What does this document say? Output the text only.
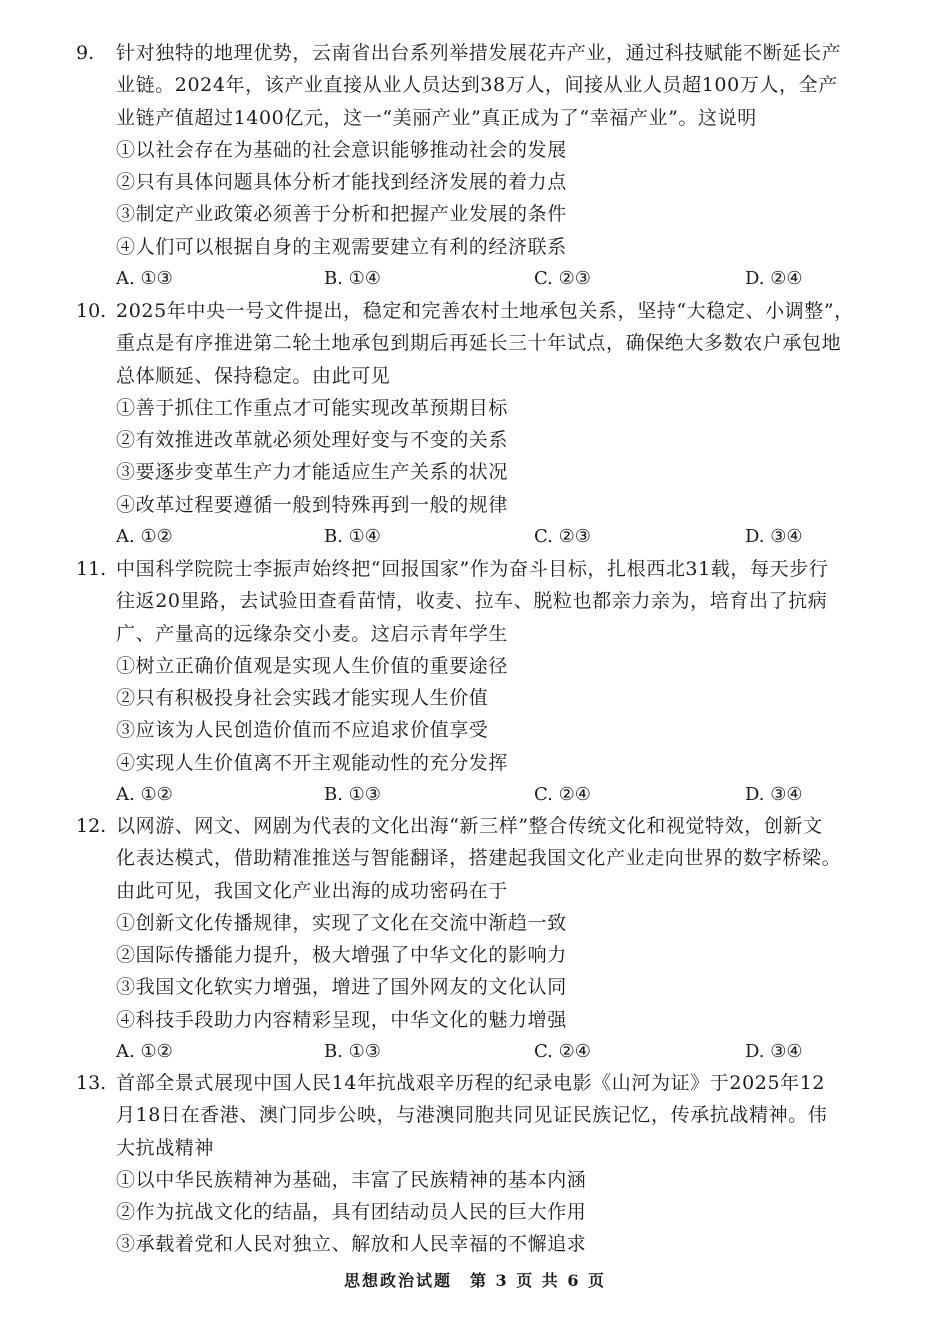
9.	针对独特的地理优势，云南省出台系列举措发展花卉产业，通过科技赋能不断延长产
业链。2024年，该产业直接从业人员达到38万人，间接从业人员超100万人，全产
业链产值超过1400亿元，这一“美丽产业”真正成为了“幸福产业”。这说明
①以社会存在为基础的社会意识能够推动社会的发展
②只有具体问题具体分析才能找到经济发展的着力点
③制定产业政策必须善于分析和把握产业发展的条件
④人们可以根据自身的主观需要建立有利的经济联系
A. ①③	B. ①④	C. ②③	D. ②④
10. 2025年中央一号文件提出，稳定和完善农村土地承包关系，坚持“大稳定、小调整”，
重点是有序推进第二轮土地承包到期后再延长三十年试点，确保绝大多数农户承包地
总体顺延、保持稳定。由此可见
①善于抓住工作重点才可能实现改革预期目标
②有效推进改革就必须处理好变与不变的关系
③要逐步变革生产力才能适应生产关系的状况
④改革过程要遵循一般到特殊再到一般的规律
A. ①②	B. ①④	C. ②③	D. ③④
11. 中国科学院院士李振声始终把“回报国家”作为奋斗目标，扎根西北31载，每天步行
往返20里路，去试验田查看苗情，收麦、拉车、脱粒也都亲力亲为，培育出了抗病
广、产量高的远缘杂交小麦。这启示青年学生
①树立正确价值观是实现人生价值的重要途径
②只有积极投身社会实践才能实现人生价值
③应该为人民创造价值而不应追求价值享受
④实现人生价值离不开主观能动性的充分发挥
A. ①②	B. ①③	C. ②④	D. ③④
12. 以网游、网文、网剧为代表的文化出海“新三样”整合传统文化和视觉特效，创新文
化表达模式，借助精准推送与智能翻译，搭建起我国文化产业走向世界的数字桥梁。
由此可见，我国文化产业出海的成功密码在于
①创新文化传播规律，实现了文化在交流中渐趋一致
②国际传播能力提升，极大增强了中华文化的影响力
③我国文化软实力增强，增进了国外网友的文化认同
④科技手段助力内容精彩呈现，中华文化的魅力增强
A. ①②	B. ①③	C. ②④	D. ③④
13. 首部全景式展现中国人民14年抗战艰辛历程的纪录电影《山河为证》于2025年12
月18日在香港、澳门同步公映，与港澳同胞共同见证民族记忆，传承抗战精神。伟
大抗战精神
①以中华民族精神为基础，丰富了民族精神的基本内涵
②作为抗战文化的结晶，具有团结动员人民的巨大作用
③承载着党和人民对独立、解放和人民幸福的不懈追求
思想政治试题　第 3 页 共 6 页
